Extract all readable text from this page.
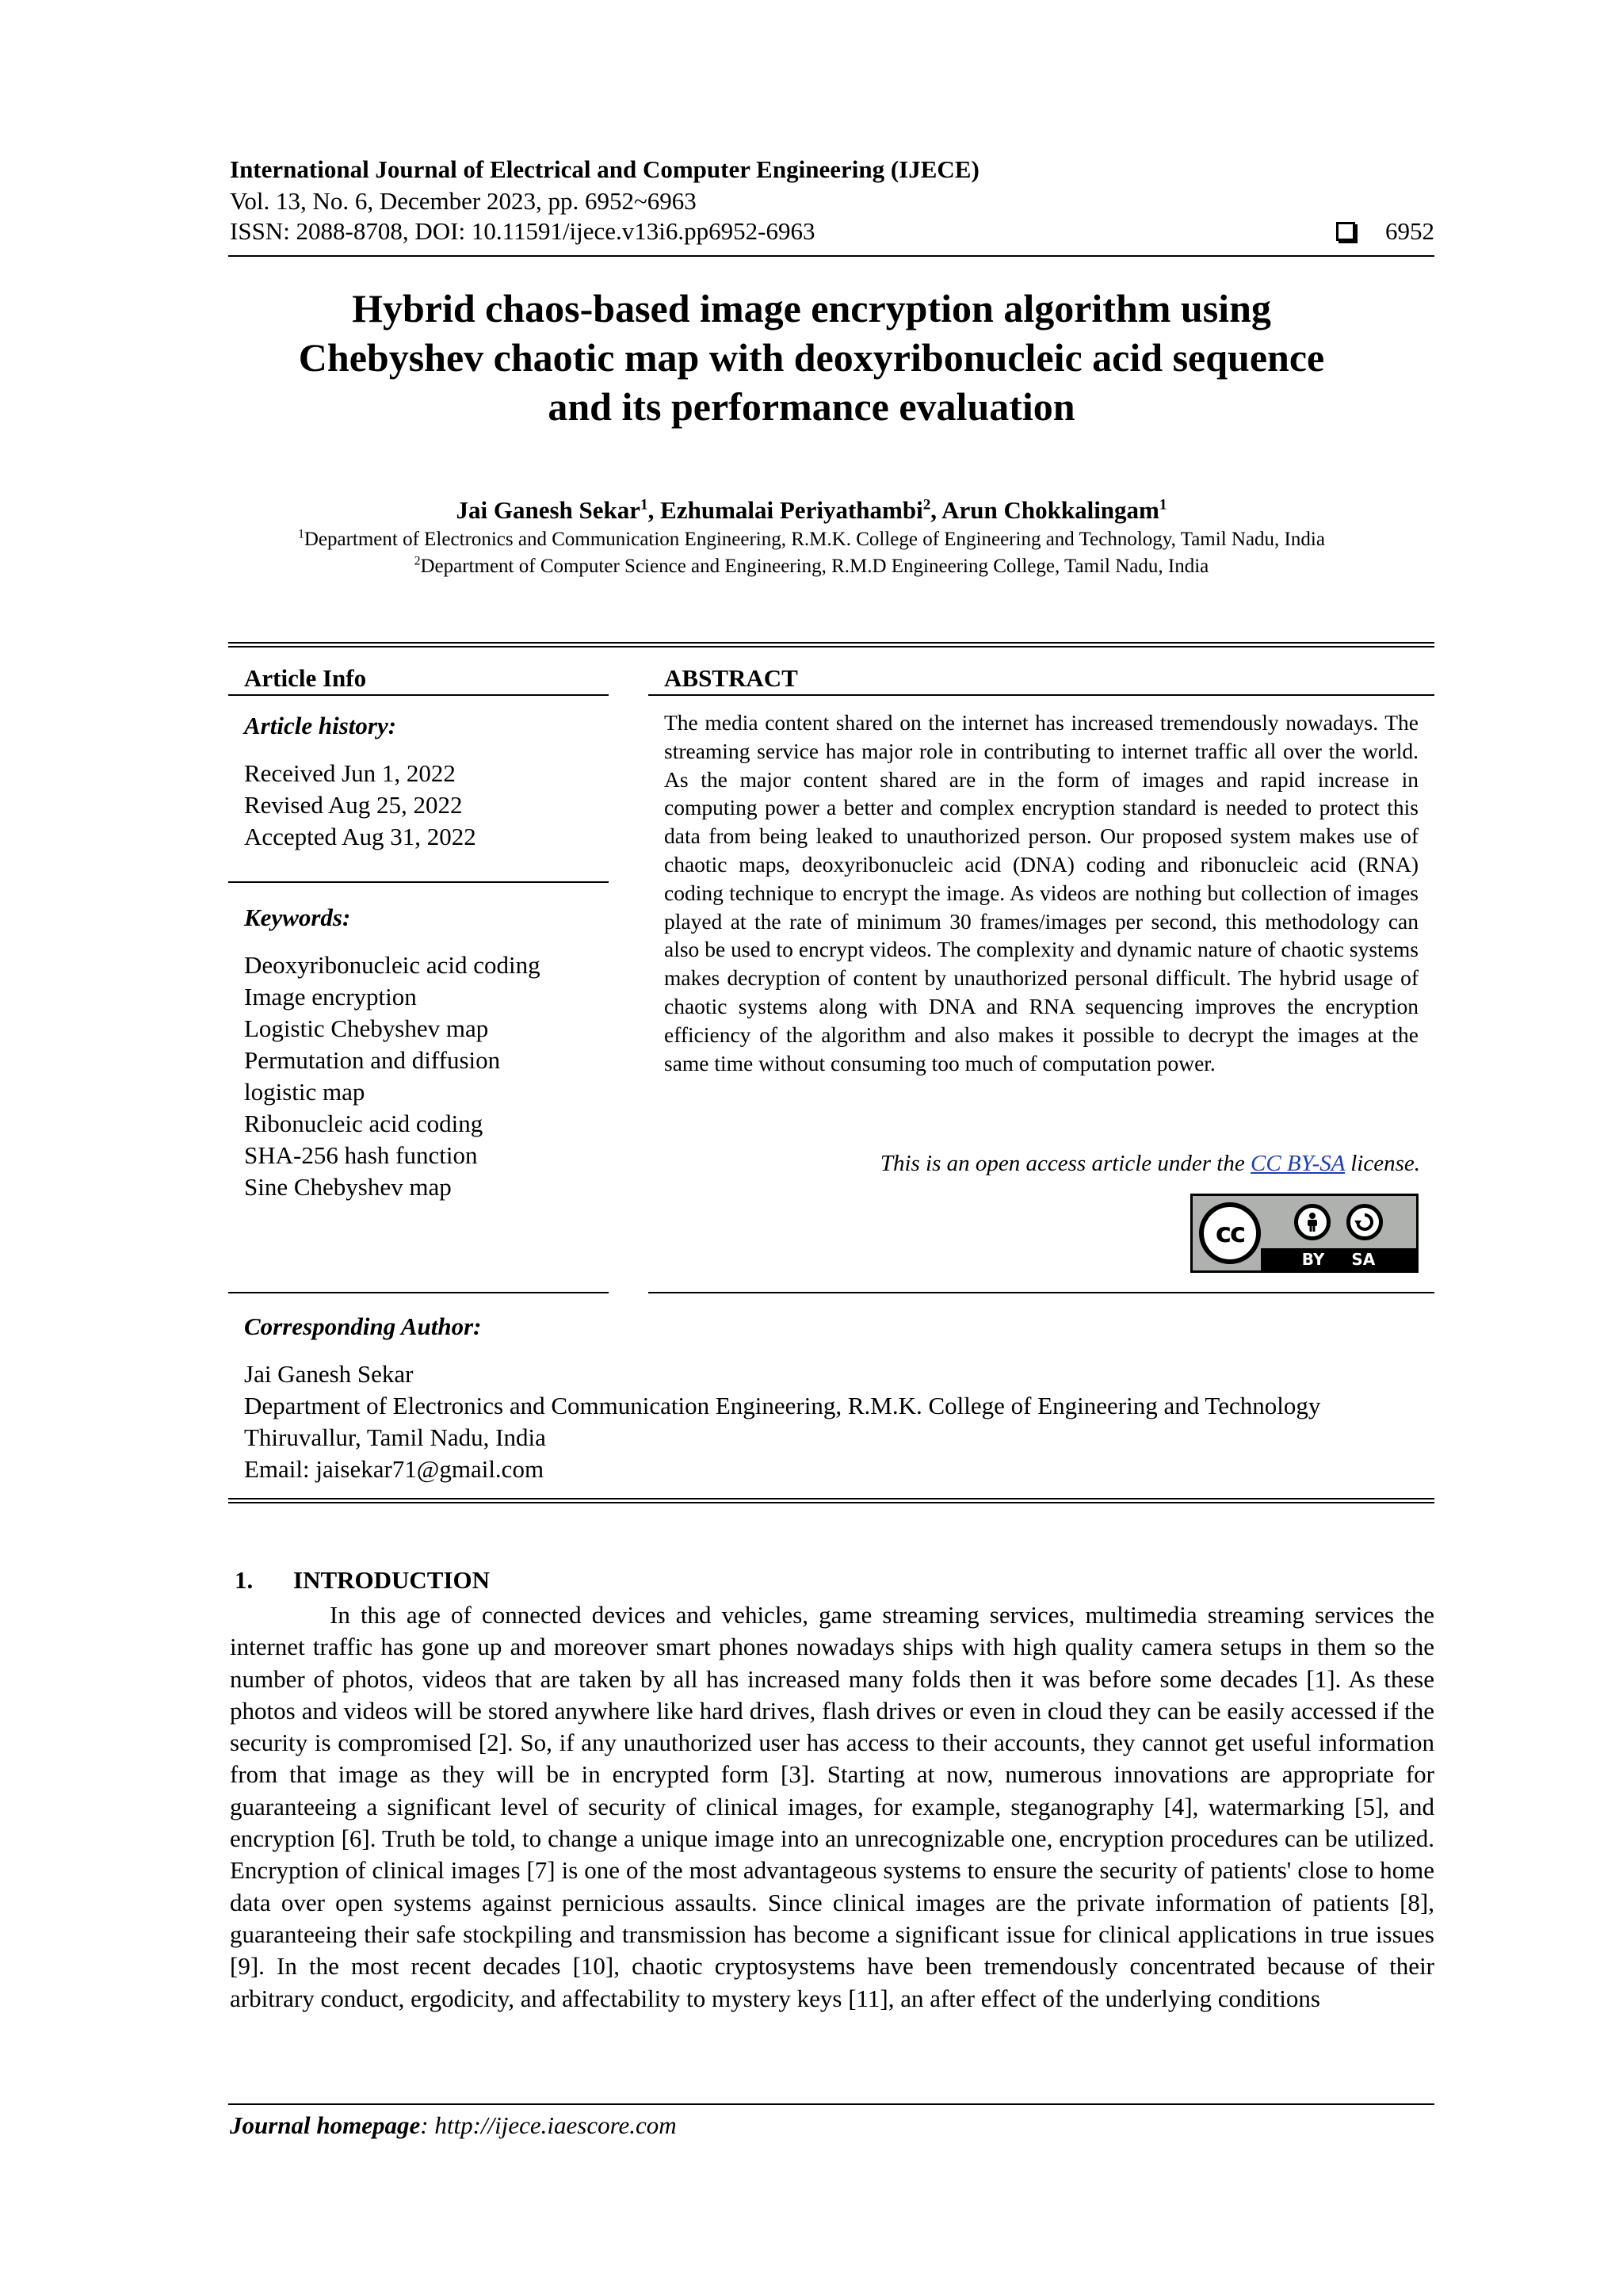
International Journal of Electrical and Computer Engineering (IJECE)
Vol. 13, No. 6, December 2023, pp. 6952~6963
ISSN: 2088-8708, DOI: 10.11591/ijece.v13i6.pp6952-6963	6952
Hybrid chaos-based image encryption algorithm using
Chebyshev chaotic map with deoxyribonucleic acid sequence
and its performance evaluation
Jai Ganesh Sekar$^1$, Ezhumalai Periyathambi$^2$, Arun Chokkalingam$^1$
$^1$Department of Electronics and Communication Engineering, R.M.K. College of Engineering and Technology, Tamil Nadu, India
$^2$Department of Computer Science and Engineering, R.M.D Engineering College, Tamil Nadu, India
Article Info
Article history:
Received Jun 1, 2022
Revised Aug 25, 2022
Accepted Aug 31, 2022
Keywords:
Deoxyribonucleic acid coding
Image encryption
Logistic Chebyshev map
Permutation and diffusion
logistic map
Ribonucleic acid coding
SHA-256 hash function
Sine Chebyshev map
ABSTRACT
The media content shared on the internet has increased tremendously nowadays. The streaming service has major role in contributing to internet traffic all over the world. As the major content shared are in the form of images and rapid increase in computing power a better and complex encryption standard is needed to protect this data from being leaked to unauthorized person. Our proposed system makes use of chaotic maps, deoxyribonucleic acid (DNA) coding and ribonucleic acid (RNA) coding technique to encrypt the image. As videos are nothing but collection of images played at the rate of minimum 30 frames/images per second, this methodology can also be used to encrypt videos. The complexity and dynamic nature of chaotic systems makes decryption of content by unauthorized personal difficult. The hybrid usage of chaotic systems along with DNA and RNA sequencing improves the encryption efficiency of the algorithm and also makes it possible to decrypt the images at the same time without consuming too much of computation power.
This is an open access article under the CC BY-SA license.
cc
BY SA
Corresponding Author:
Jai Ganesh Sekar
Department of Electronics and Communication Engineering, R.M.K. College of Engineering and Technology
Thiruvallur, Tamil Nadu, India
Email: jaisekar71@gmail.com
1. INTRODUCTION
In this age of connected devices and vehicles, game streaming services, multimedia streaming services the internet traffic has gone up and moreover smart phones nowadays ships with high quality camera setups in them so the number of photos, videos that are taken by all has increased many folds then it was before some decades [1]. As these photos and videos will be stored anywhere like hard drives, flash drives or even in cloud they can be easily accessed if the security is compromised [2]. So, if any unauthorized user has access to their accounts, they cannot get useful information from that image as they will be in encrypted form [3]. Starting at now, numerous innovations are appropriate for guaranteeing a significant level of security of clinical images, for example, steganography [4], watermarking [5], and encryption [6]. Truth be told, to change a unique image into an unrecognizable one, encryption procedures can be utilized. Encryption of clinical images [7] is one of the most advantageous systems to ensure the security of patients' close to home data over open systems against pernicious assaults. Since clinical images are the private information of patients [8], guaranteeing their safe stockpiling and transmission has become a significant issue for clinical applications in true issues [9]. In the most recent decades [10], chaotic cryptosystems have been tremendously concentrated because of their arbitrary conduct, ergodicity, and affectability to mystery keys [11], an after effect of the underlying conditions
Journal homepage: http://ijece.iaescore.com
